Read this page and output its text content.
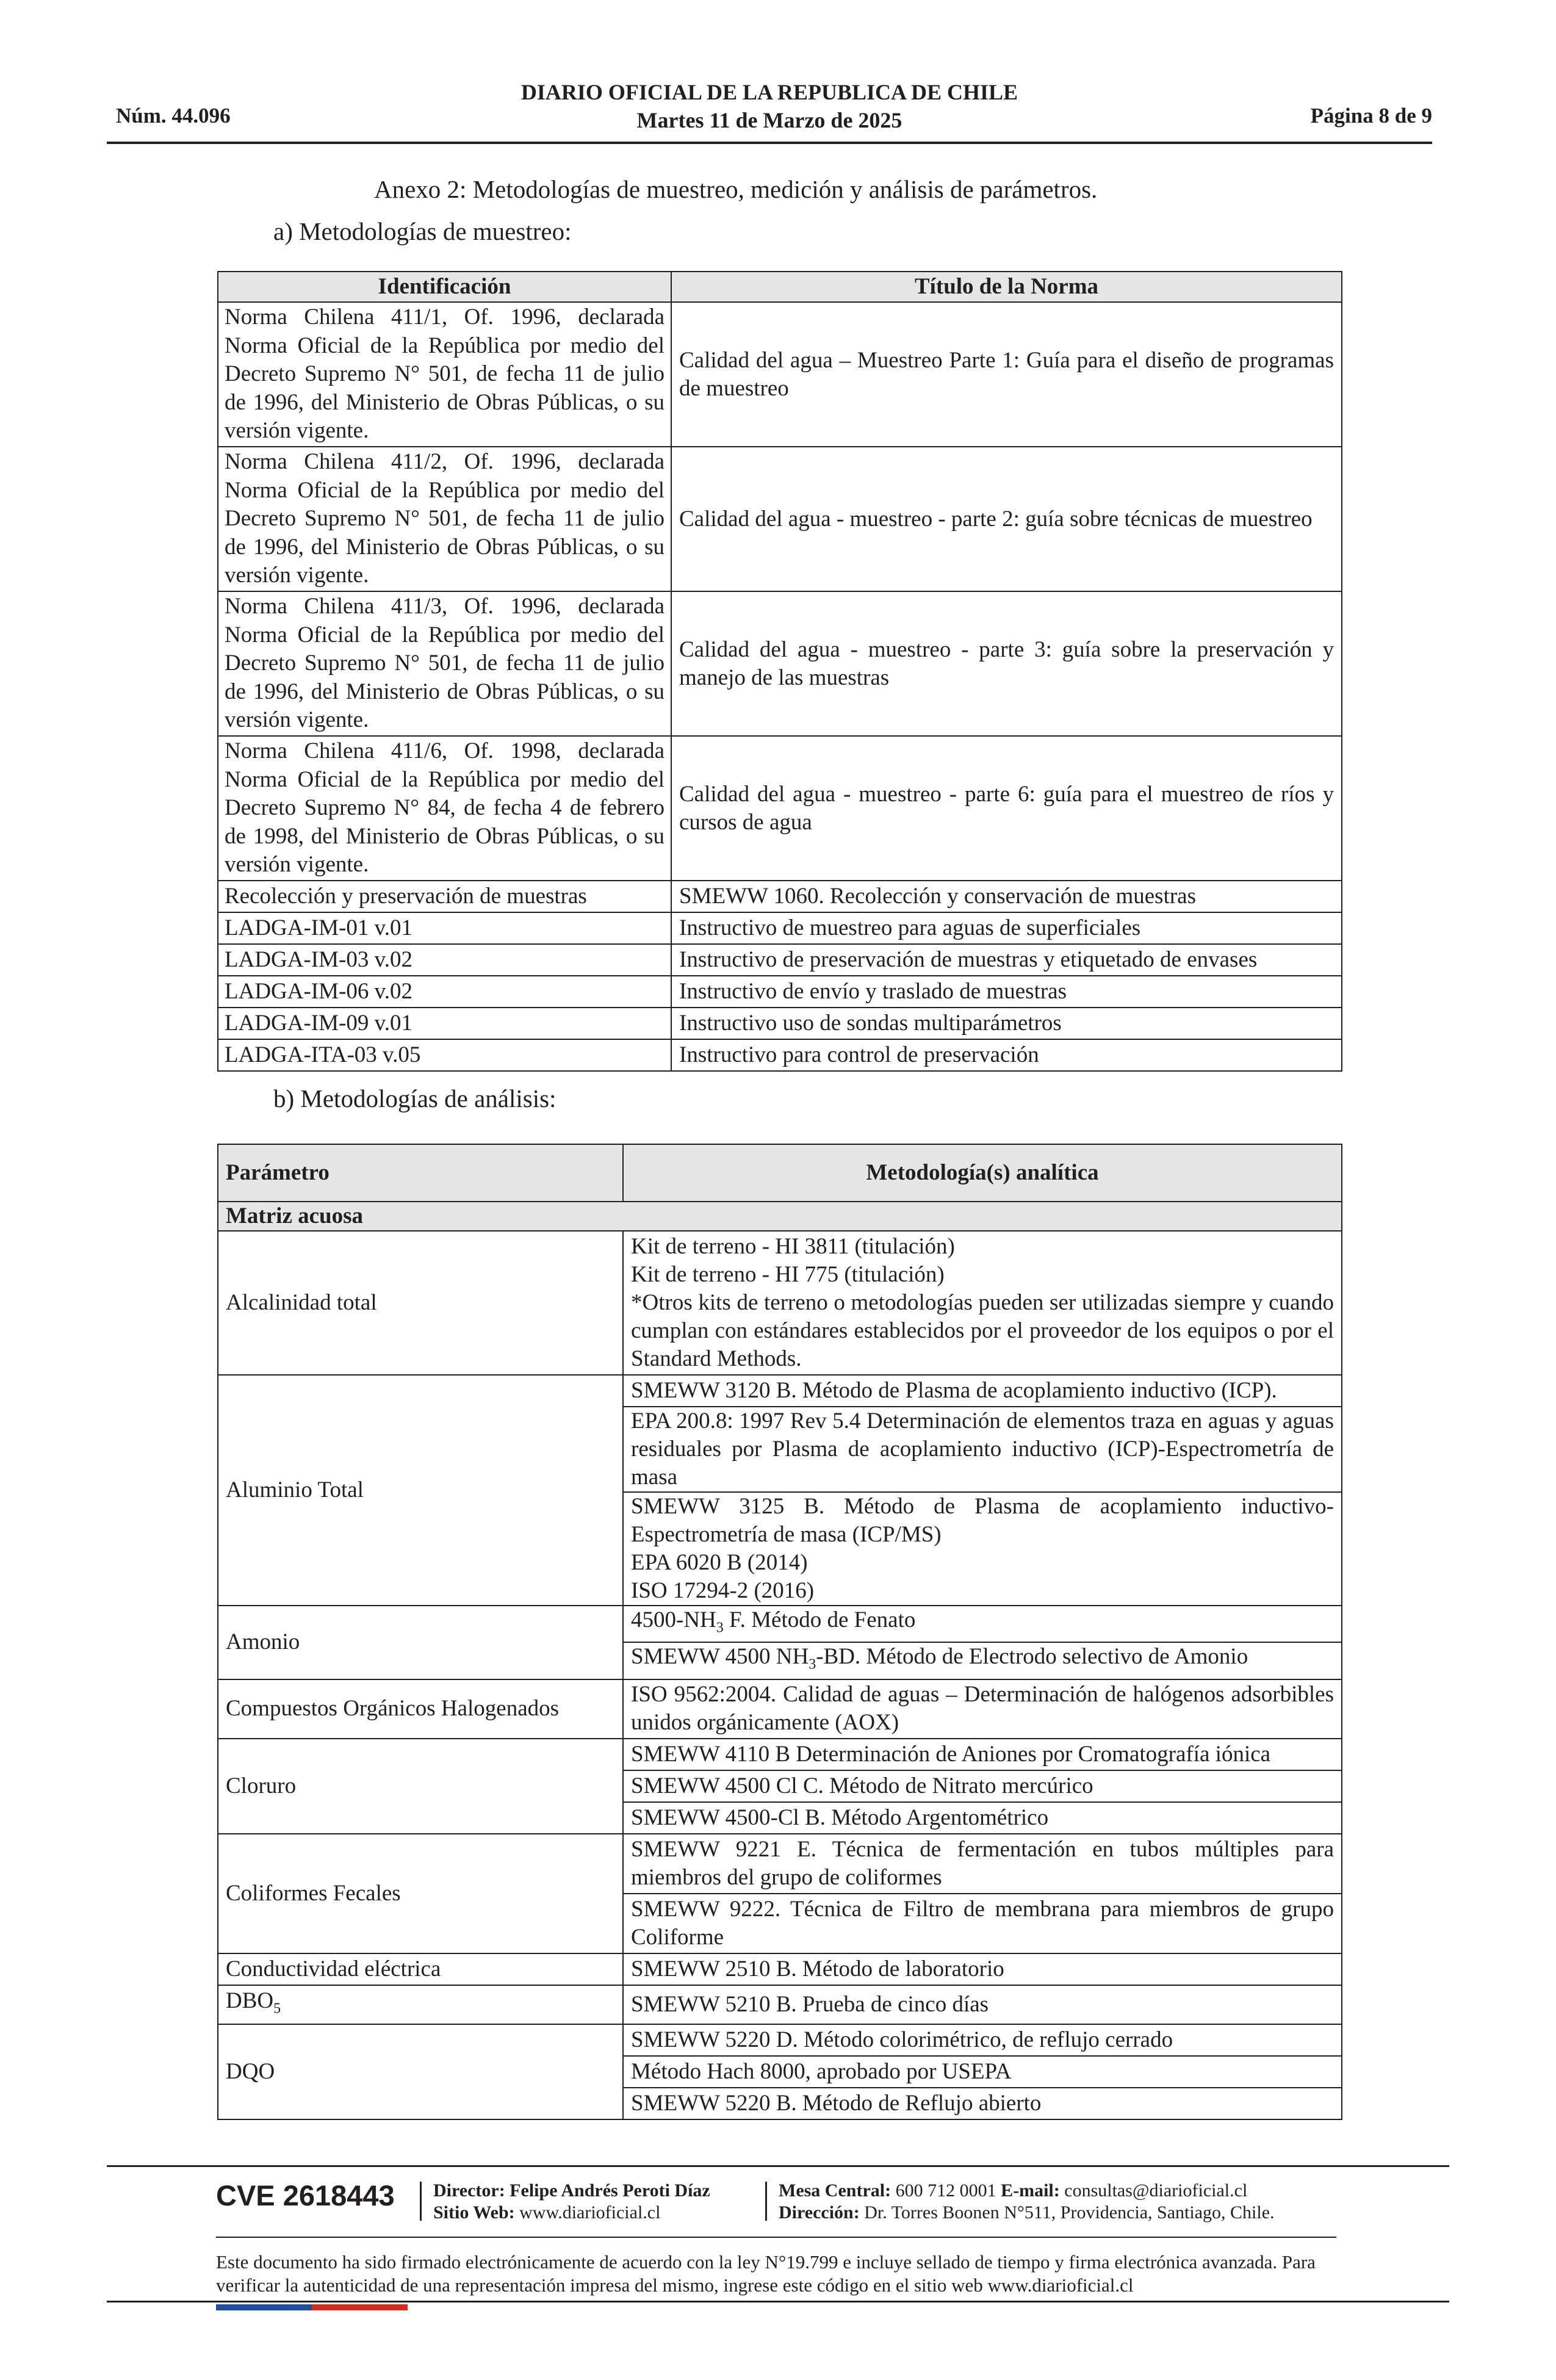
Núm. 44.096
DIARIO OFICIAL DE LA REPUBLICA DE CHILE
Martes 11 de Marzo de 2025	Página 8 de 9
Anexo 2: Metodologías de muestreo, medición y análisis de parámetros.
a) Metodologías de muestreo:
Identificación	Título de la Norma
Norma Chilena 411/1, Of. 1996, declarada Norma Oficial de la República por medio del Decreto Supremo N° 501, de fecha 11 de julio de 1996, del Ministerio de Obras Públicas, o su versión vigente.	Calidad del agua – Muestreo Parte 1: Guía para el diseño de programas de muestreo
Norma Chilena 411/2, Of. 1996, declarada Norma Oficial de la República por medio del Decreto Supremo N° 501, de fecha 11 de julio de 1996, del Ministerio de Obras Públicas, o su versión vigente.	Calidad del agua - muestreo - parte 2: guía sobre técnicas de muestreo
Norma Chilena 411/3, Of. 1996, declarada Norma Oficial de la República por medio del Decreto Supremo N° 501, de fecha 11 de julio de 1996, del Ministerio de Obras Públicas, o su versión vigente.	Calidad del agua - muestreo - parte 3: guía sobre la preservación y manejo de las muestras
Norma Chilena 411/6, Of. 1998, declarada Norma Oficial de la República por medio del Decreto Supremo N° 84, de fecha 4 de febrero de 1998, del Ministerio de Obras Públicas, o su versión vigente.	Calidad del agua - muestreo - parte 6: guía para el muestreo de ríos y cursos de agua
Recolección y preservación de muestras	SMEWW 1060. Recolección y conservación de muestras
LADGA-IM-01 v.01	Instructivo de muestreo para aguas de superficiales
LADGA-IM-03 v.02	Instructivo de preservación de muestras y etiquetado de envases
LADGA-IM-06 v.02	Instructivo de envío y traslado de muestras
LADGA-IM-09 v.01	Instructivo uso de sondas multiparámetros
LADGA-ITA-03 v.05	Instructivo para control de preservación
b) Metodologías de análisis:
Parámetro	Metodología(s) analítica
Matriz acuosa	
Alcalinidad total	Kit de terreno - HI 3811 (titulación)
Kit de terreno - HI 775 (titulación)
*Otros kits de terreno o metodologías pueden ser utilizadas siempre y cuando cumplan con estándares establecidos por el proveedor de los equipos o por el Standard Methods.

Aluminio Total	SMEWW 3120 B. Método de Plasma de acoplamiento inductivo (ICP).
	EPA 200.8: 1997 Rev 5.4 Determinación de elementos traza en aguas y aguas residuales por Plasma de acoplamiento inductivo (ICP)-Espectrometría de masa

	SMEWW 3125 B. Método de Plasma de acoplamiento inductivo-Espectrometría de masa (ICP/MS)
EPA 6020 B (2014)
ISO 17294-2 (2016)

Amonio	$4500-NH_3$ F. Método de Fenato
	SMEWW 4500 $NH_3-BD$. Método de Electrodo selectivo de Amonio
Compuestos Orgánicos Halogenados	ISO 9562:2004. Calidad de aguas – Determinación de halógenos adsorbibles unidos orgánicamente (AOX)
Cloruro	SMEWW 4110 B Determinación de Aniones por Cromatografía iónica
	SMEWW 4500 Cl C. Método de Nitrato mercúrico
	SMEWW 4500-Cl B. Método Argentométrico
Coliformes Fecales	SMEWW 9221 E. Técnica de fermentación en tubos múltiples para miembros del grupo de coliformes
	SMEWW 9222. Técnica de Filtro de membrana para miembros de grupo Coliforme
Conductividad eléctrica	SMEWW 2510 B. Método de laboratorio
$DBO_5$	SMEWW 5210 B. Prueba de cinco días
DQO	SMEWW 5220 D. Método colorimétrico, de reflujo cerrado
	Método Hach 8000, aprobado por USEPA
	SMEWW 5220 B. Método de Reflujo abierto
CVE 2618443 Director: Felipe Andrés Peroti Díaz
Sitio Web: www.diarioficial.cl
Mesa Central: 600 712 0001 E-mail: consultas@diarioficial.cl
Dirección: Dr. Torres Boonen N°511, Providencia, Santiago, Chile.
Este documento ha sido firmado electrónicamente de acuerdo con la ley N°19.799 e incluye sellado de tiempo y firma electrónica avanzada. Para verificar la autenticidad de una representación impresa del mismo, ingrese este código en el sitio web www.diarioficial.cl
